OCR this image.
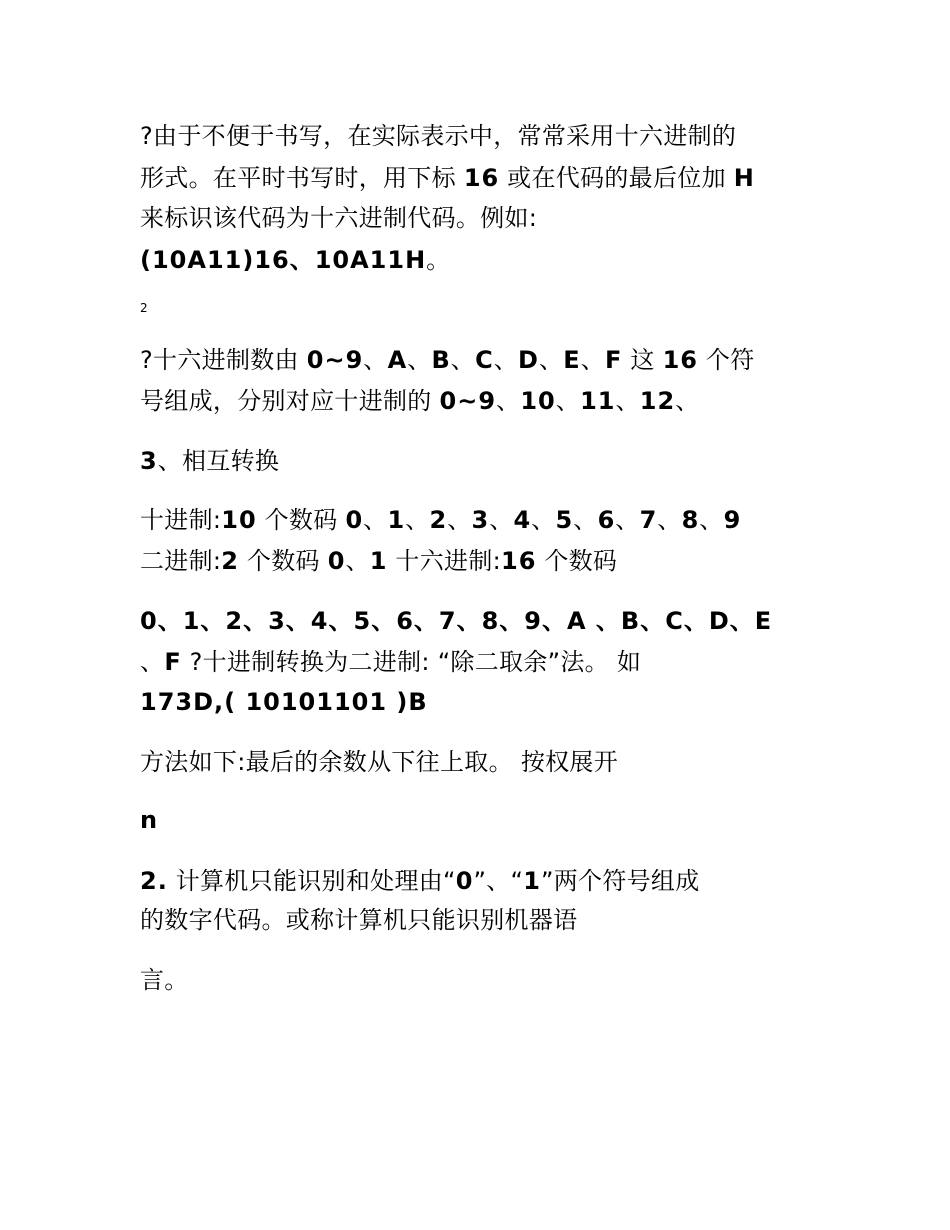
?由于不便于书写，在实际表示中，常常采用十六进制的
形式。在平时书写时，用下标 16 或在代码的最后位加 H
来标识该代码为十六进制代码。例如:
(10A11)16、10A11H。
2
?十六进制数由 0~9、A、B、C、D、E、F 这 16 个符
号组成，分别对应十进制的 0~9、10、11、12、
3、相互转换
十进制:10 个数码 0、1、2、3、4、5、6、7、8、9
二进制:2 个数码 0、1 十六进制:16 个数码
0、1、2、3、4、5、6、7、8、9、A 、B、C、D、E
、F ?十进制转换为二进制: “除二取余”法。 如
173D,( 10101101 )B
方法如下:最后的余数从下往上取。 按权展开
n
2. 计算机只能识别和处理由“0”、“1”两个符号组成
的数字代码。或称计算机只能识别机器语
言。
